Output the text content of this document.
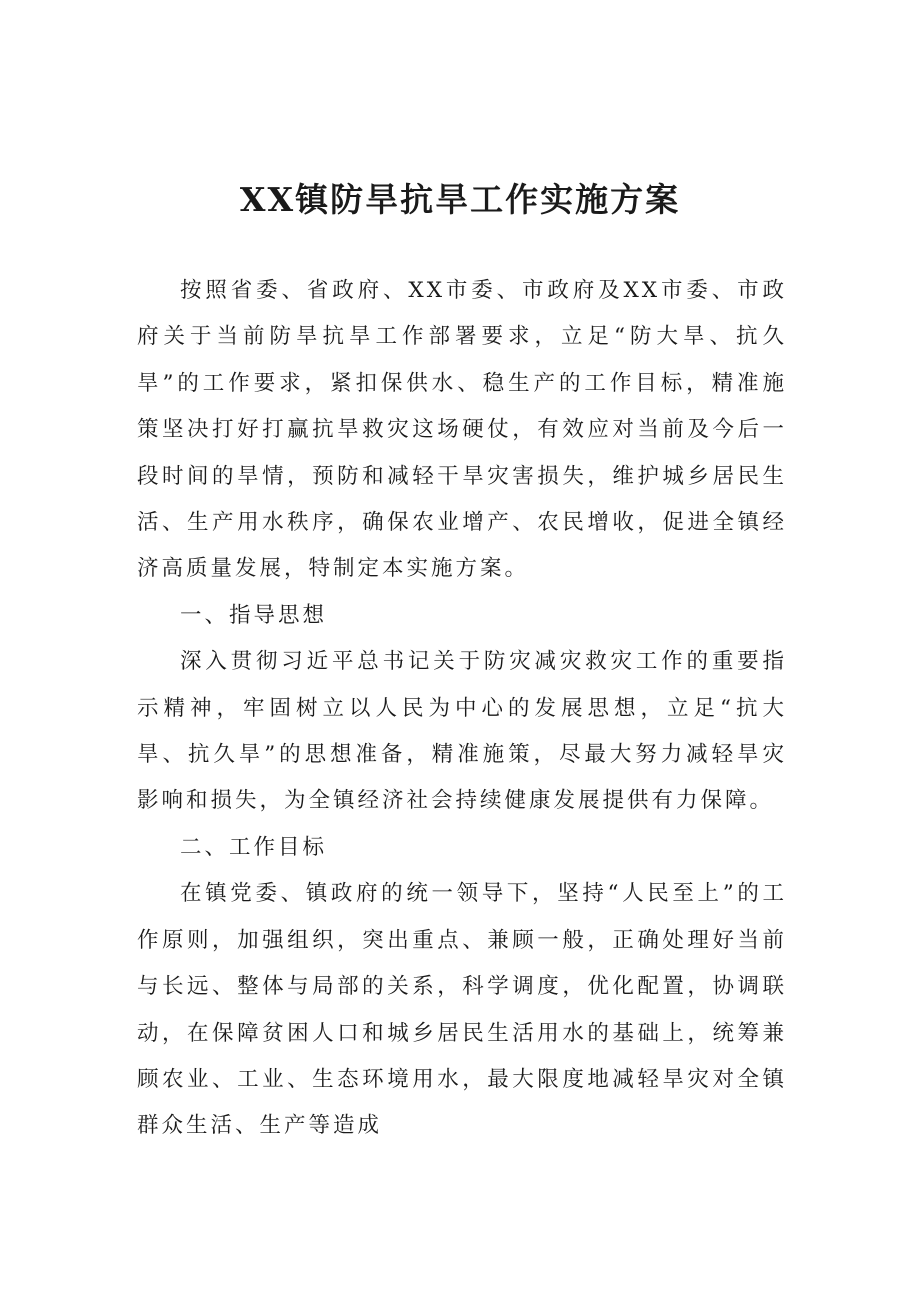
XX镇防旱抗旱工作实施方案

按照省委、省政府、XX市委、市政府及XX市委、市政府关于当前防旱抗旱工作部署要求，立足“防大旱、抗久旱”的工作要求，紧扣保供水、稳生产的工作目标，精准施策坚决打好打赢抗旱救灾这场硬仗，有效应对当前及今后一段时间的旱情，预防和减轻干旱灾害损失，维护城乡居民生活、生产用水秩序，确保农业增产、农民增收，促进全镇经济高质量发展，特制定本实施方案。

一、指导思想

深入贯彻习近平总书记关于防灾减灾救灾工作的重要指示精神，牢固树立以人民为中心的发展思想，立足“抗大旱、抗久旱”的思想准备，精准施策，尽最大努力减轻旱灾影响和损失，为全镇经济社会持续健康发展提供有力保障。

二、工作目标

在镇党委、镇政府的统一领导下，坚持“人民至上”的工作原则，加强组织，突出重点、兼顾一般，正确处理好当前与长远、整体与局部的关系，科学调度，优化配置，协调联动，在保障贫困人口和城乡居民生活用水的基础上，统筹兼顾农业、工业、生态环境用水，最大限度地减轻旱灾对全镇群众生活、生产等造成
